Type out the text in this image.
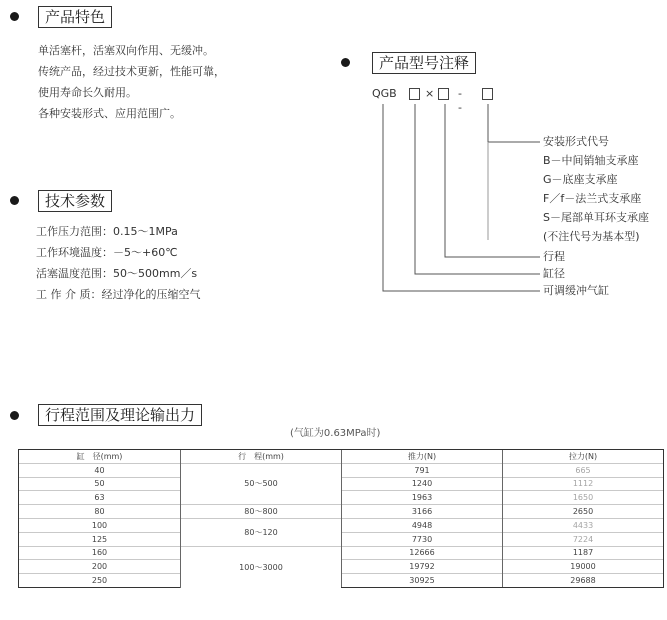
产品特色
单活塞杆，活塞双向作用、无缓冲。
传统产品，经过技术更新，性能可靠，
使用寿命长久耐用。
各种安装形式、应用范围广。
技术参数
工作压力范围：0.15～1MPa
工作环境温度：－5～+60℃
活塞温度范围：50～500mm／s
工 作 介 质：经过净化的压缩空气
产品型号注释
QGB	× --
安装形式代号
B－中间销轴支承座
G－底座支承座
F／f－法兰式支承座
S－尾部单耳环支承座
(不注代号为基本型)
行程
缸径
可调缓冲气缸
行程范围及理论输出力
(气缸为0.63MPa时)
缸　径(mm)	行　程(mm)	推力(N)	拉力(N)
40	50～500	791	665
50		1240	1112
63		1963	1650
80	80～800	3166	2650
100	80～120	4948	4433
125		7730	7224
160	100～3000	12666	1187
200		19792	19000
250		30925	29688
